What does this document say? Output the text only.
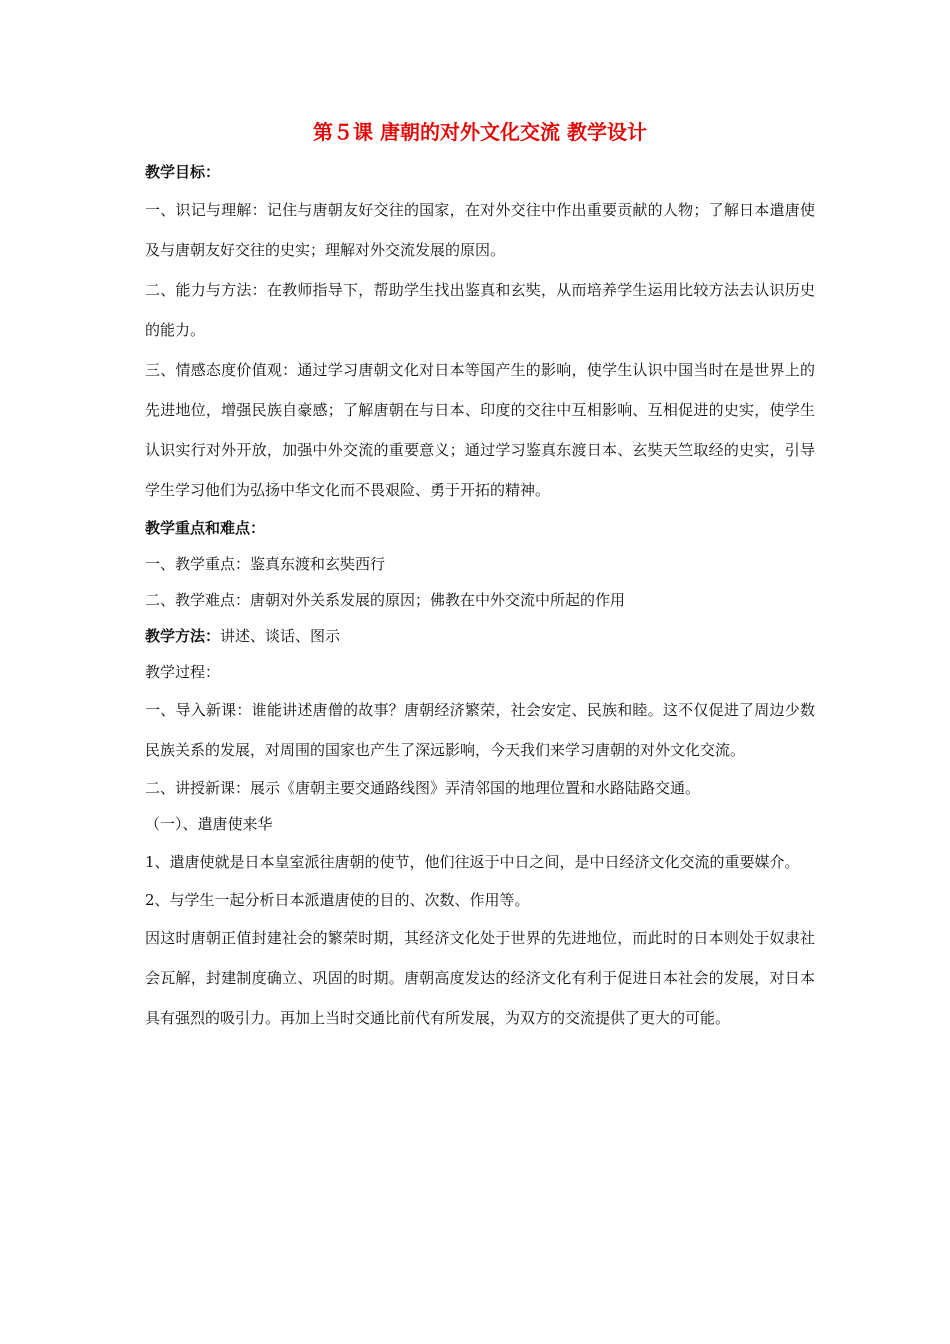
第５课 唐朝的对外文化交流 教学设计

教学目标：

一、识记与理解：记住与唐朝友好交往的国家，在对外交往中作出重要贡献的人物；了解日本遣唐使及与唐朝友好交往的史实；理解对外交流发展的原因。

二、能力与方法：在教师指导下，帮助学生找出鉴真和玄奘，从而培养学生运用比较方法去认识历史的能力。

三、情感态度价值观：通过学习唐朝文化对日本等国产生的影响，使学生认识中国当时在是世界上的先进地位，增强民族自豪感；了解唐朝在与日本、印度的交往中互相影响、互相促进的史实，使学生认识实行对外开放，加强中外交流的重要意义；通过学习鉴真东渡日本、玄奘天竺取经的史实，引导学生学习他们为弘扬中华文化而不畏艰险、勇于开拓的精神。

教学重点和难点：

一、教学重点：鉴真东渡和玄奘西行

二、教学难点：唐朝对外关系发展的原因；佛教在中外交流中所起的作用

教学方法：讲述、谈话、图示

教学过程：

一、导入新课：谁能讲述唐僧的故事？唐朝经济繁荣，社会安定、民族和睦。这不仅促进了周边少数民族关系的发展，对周围的国家也产生了深远影响，今天我们来学习唐朝的对外文化交流。

二、讲授新课：展示《唐朝主要交通路线图》弄清邻国的地理位置和水路陆路交通。

（一）、遣唐使来华

1、遣唐使就是日本皇室派往唐朝的使节，他们往返于中日之间，是中日经济文化交流的重要媒介。

2、与学生一起分析日本派遣唐使的目的、次数、作用等。

因这时唐朝正值封建社会的繁荣时期，其经济文化处于世界的先进地位，而此时的日本则处于奴隶社会瓦解，封建制度确立、巩固的时期。唐朝高度发达的经济文化有利于促进日本社会的发展，对日本具有强烈的吸引力。再加上当时交通比前代有所发展，为双方的交流提供了更大的可能。
